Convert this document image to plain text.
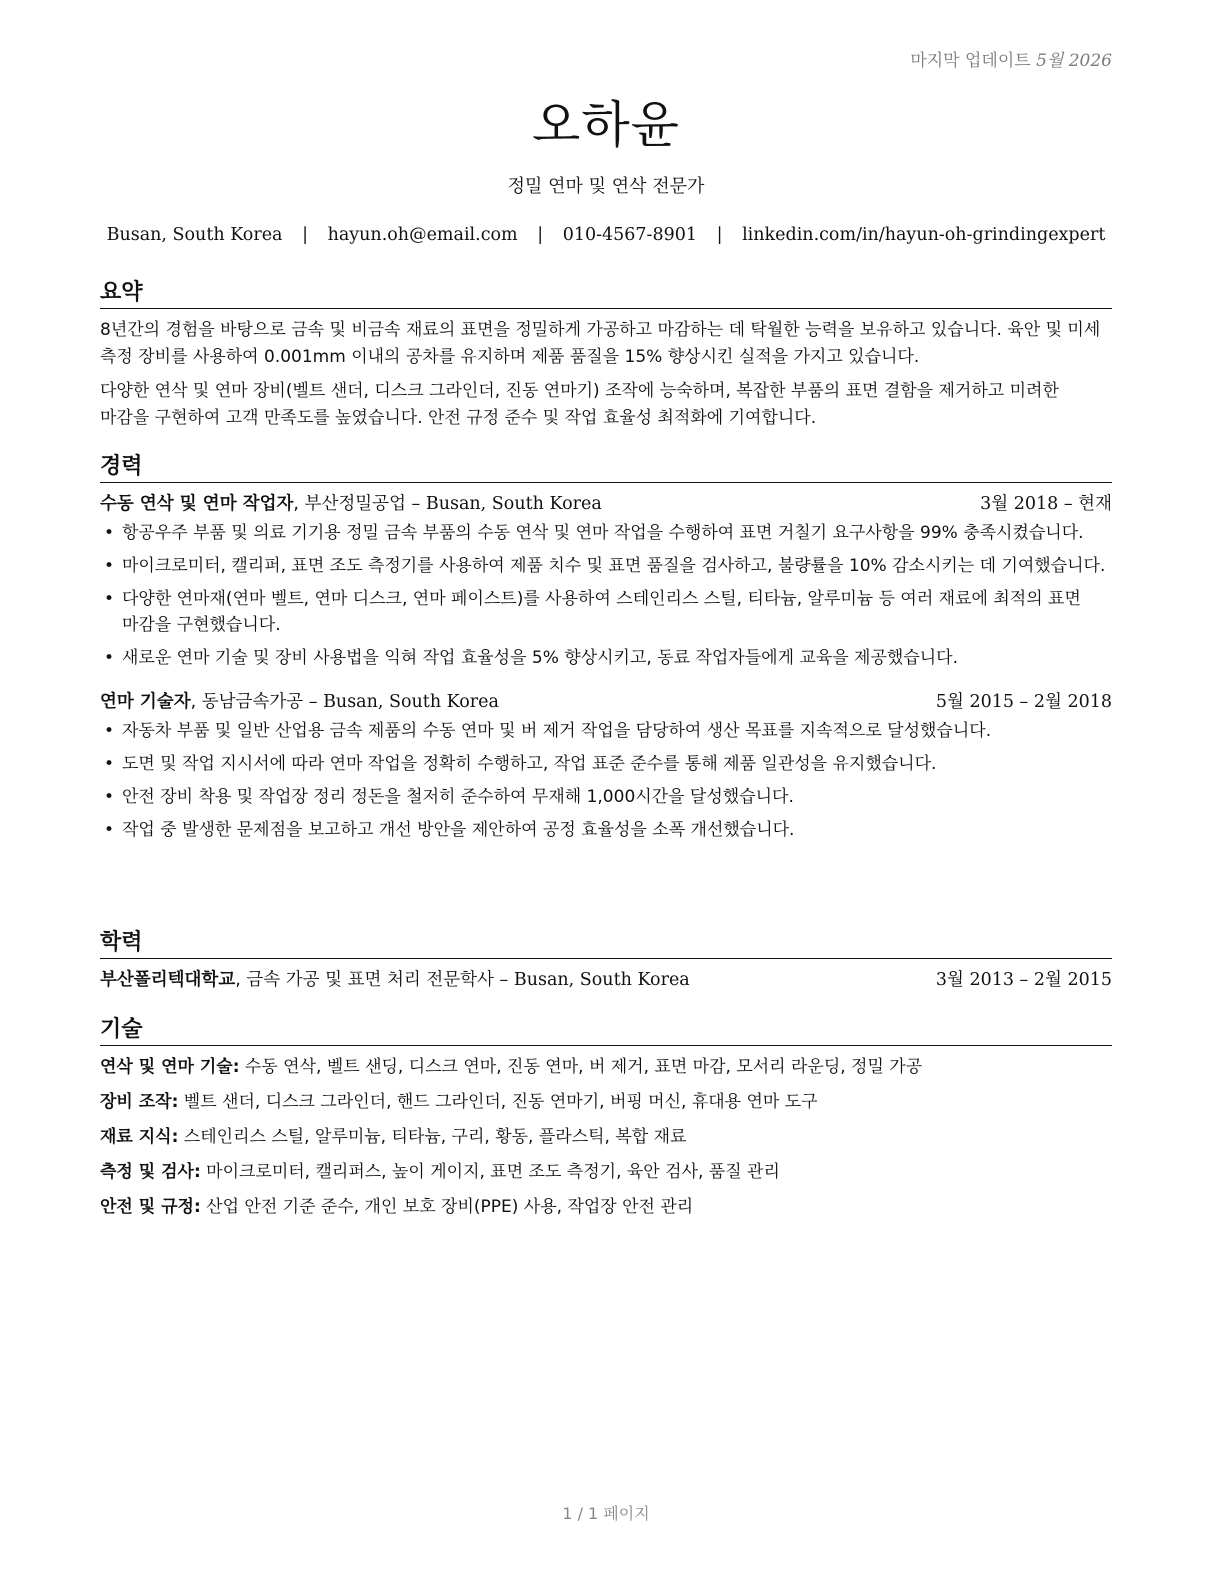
마지막 업데이트 5월 2026
오하윤
정밀 연마 및 연삭 전문가
Busan, South Korea | hayun.oh@email.com | 010-4567-8901 | linkedin.com/in/hayun-oh-grindingexpert
요약

8년간의 경험을 바탕으로 금속 및 비금속 재료의 표면을 정밀하게 가공하고 마감하는 데 탁월한 능력을 보유하고 있습니다. 육안 및 미세 측정 장비를 사용하여 0.001mm 이내의 공차를 유지하며 제품 품질을 15% 향상시킨 실적을 가지고 있습니다.

다양한 연삭 및 연마 장비(벨트 샌더, 디스크 그라인더, 진동 연마기) 조작에 능숙하며, 복잡한 부품의 표면 결함을 제거하고 미려한 마감을 구현하여 고객 만족도를 높였습니다. 안전 규정 준수 및 작업 효율성 최적화에 기여합니다.

경력
수동 연삭 및 연마 작업자, 부산정밀공업 – Busan, South Korea	3월 2018 – 현재
• 항공우주 부품 및 의료 기기용 정밀 금속 부품의 수동 연삭 및 연마 작업을 수행하여 표면 거칠기 요구사항을 99% 충족시켰습니다.
• 마이크로미터, 캘리퍼, 표면 조도 측정기를 사용하여 제품 치수 및 표면 품질을 검사하고, 불량률을 10% 감소시키는 데 기여했습니다.
• 다양한 연마재(연마 벨트, 연마 디스크, 연마 페이스트)를 사용하여 스테인리스 스틸, 티타늄, 알루미늄 등 여러 재료에 최적의 표면 마감을 구현했습니다.
• 새로운 연마 기술 및 장비 사용법을 익혀 작업 효율성을 5% 향상시키고, 동료 작업자들에게 교육을 제공했습니다.
연마 기술자, 동남금속가공 – Busan, South Korea	5월 2015 – 2월 2018
• 자동차 부품 및 일반 산업용 금속 제품의 수동 연마 및 버 제거 작업을 담당하여 생산 목표를 지속적으로 달성했습니다.
• 도면 및 작업 지시서에 따라 연마 작업을 정확히 수행하고, 작업 표준 준수를 통해 제품 일관성을 유지했습니다.
• 안전 장비 착용 및 작업장 정리 정돈을 철저히 준수하여 무재해 1,000시간을 달성했습니다.
• 작업 중 발생한 문제점을 보고하고 개선 방안을 제안하여 공정 효율성을 소폭 개선했습니다.
학력
부산폴리텍대학교, 금속 가공 및 표면 처리 전문학사 – Busan, South Korea	3월 2013 – 2월 2015
기술
연삭 및 연마 기술: 수동 연삭, 벨트 샌딩, 디스크 연마, 진동 연마, 버 제거, 표면 마감, 모서리 라운딩, 정밀 가공
장비 조작: 벨트 샌더, 디스크 그라인더, 핸드 그라인더, 진동 연마기, 버핑 머신, 휴대용 연마 도구
재료 지식: 스테인리스 스틸, 알루미늄, 티타늄, 구리, 황동, 플라스틱, 복합 재료
측정 및 검사: 마이크로미터, 캘리퍼스, 높이 게이지, 표면 조도 측정기, 육안 검사, 품질 관리
안전 및 규정: 산업 안전 기준 준수, 개인 보호 장비(PPE) 사용, 작업장 안전 관리
1 / 1 페이지
